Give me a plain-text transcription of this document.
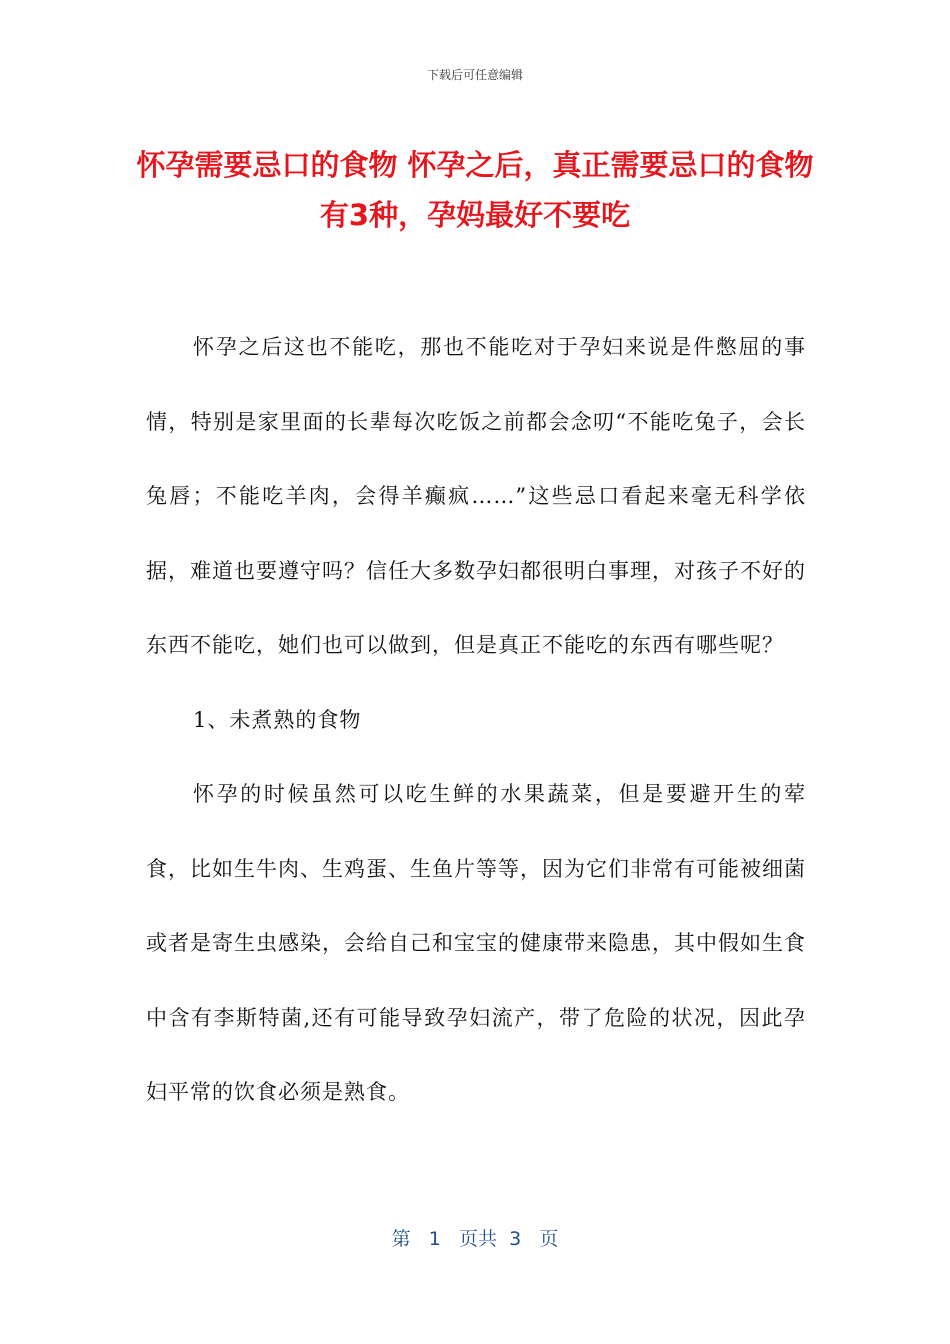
下载后可任意编辑
怀孕需要忌口的食物 怀孕之后，真正需要忌口的食物有3种，孕妈最好不要吃

怀孕之后这也不能吃，那也不能吃对于孕妇来说是件憋屈的事情，特别是家里面的长辈每次吃饭之前都会念叨“不能吃兔子，会长兔唇；不能吃羊肉，会得羊癫疯……”这些忌口看起来毫无科学依据，难道也要遵守吗？信任大多数孕妇都很明白事理，对孩子不好的东西不能吃，她们也可以做到，但是真正不能吃的东西有哪些呢？

1、未煮熟的食物

怀孕的时候虽然可以吃生鲜的水果蔬菜，但是要避开生的荤食，比如生牛肉、生鸡蛋、生鱼片等等，因为它们非常有可能被细菌或者是寄生虫感染，会给自己和宝宝的健康带来隐患，其中假如生食中含有李斯特菌,还有可能导致孕妇流产，带了危险的状况，因此孕妇平常的饮食必须是熟食。

第 1 页共 3 页
